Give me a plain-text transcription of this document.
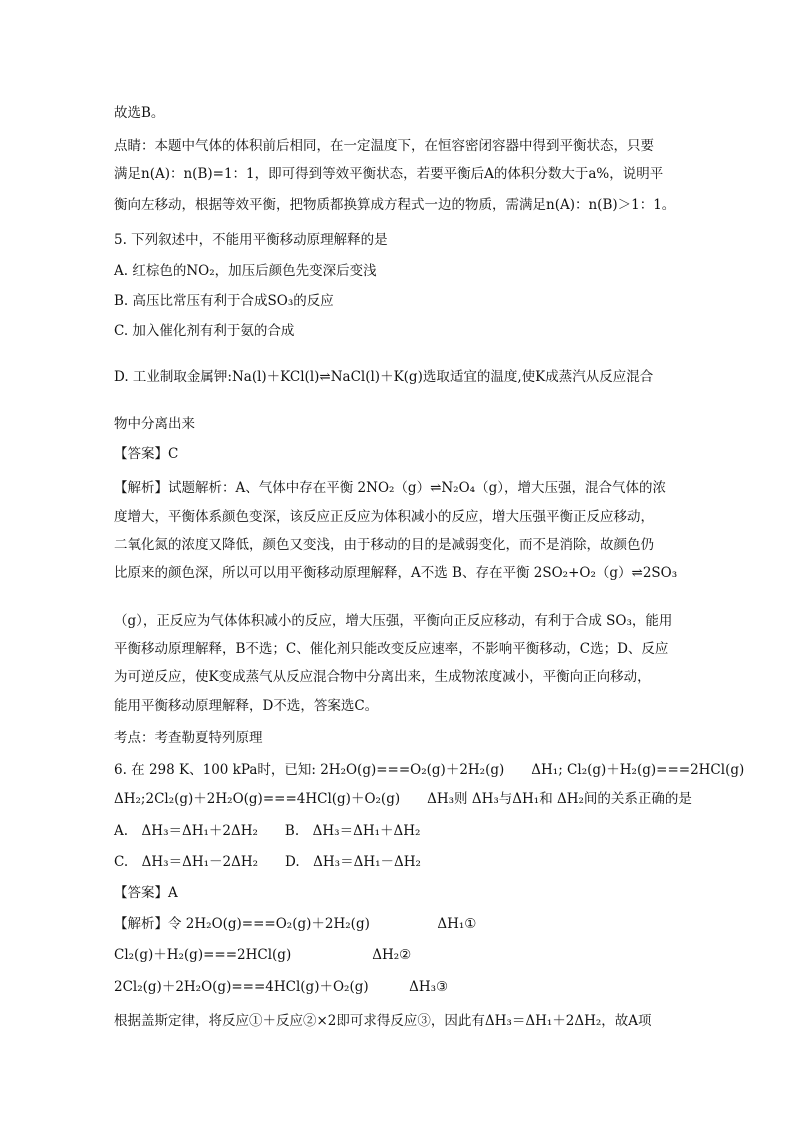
故选B。
点睛：本题中气体的体积前后相同，在一定温度下，在恒容密闭容器中得到平衡状态，只要
满足n(A)：n(B)=1：1，即可得到等效平衡状态，若要平衡后A的体积分数大于a%，说明平
衡向左移动，根据等效平衡，把物质都换算成方程式一边的物质，需满足n(A)：n(B)＞1：1。
5. 下列叙述中，不能用平衡移动原理解释的是
A. 红棕色的NO₂，加压后颜色先变深后变浅
B. 高压比常压有利于合成SO₃的反应
C. 加入催化剂有利于氨的合成
D. 工业制取金属钾:Na(l)＋KCl(l)⇌NaCl(l)＋K(g)选取适宜的温度,使K成蒸汽从反应混合
物中分离出来
【答案】C
【解析】试题解析：A、气体中存在平衡 2NO₂（g）⇌N₂O₄（g），增大压强，混合气体的浓
度增大，平衡体系颜色变深，该反应正反应为体积减小的反应，增大压强平衡正反应移动，
二氧化氮的浓度又降低，颜色又变浅，由于移动的目的是减弱变化，而不是消除，故颜色仍
比原来的颜色深，所以可以用平衡移动原理解释，A不选 B、存在平衡 2SO₂+O₂（g）⇌2SO₃
（g），正反应为气体体积减小的反应，增大压强，平衡向正反应移动，有利于合成 SO₃，能用
平衡移动原理解释，B不选；C、催化剂只能改变反应速率，不影响平衡移动，C选；D、反应
为可逆反应，使K变成蒸气从反应混合物中分离出来，生成物浓度减小，平衡向正向移动，
能用平衡移动原理解释，D不选，答案选C。
考点：考查勒夏特列原理
6. 在 298 K、100 kPa时，已知: 2H₂O(g)===O₂(g)＋2H₂(g)　　ΔH₁; Cl₂(g)＋H₂(g)===2HCl(g)
ΔH₂;2Cl₂(g)＋2H₂O(g)===4HCl(g)＋O₂(g)　　ΔH₃则 ΔH₃与ΔH₁和 ΔH₂间的关系正确的是
A.　ΔH₃＝ΔH₁＋2ΔH₂　　B.　ΔH₃＝ΔH₁＋ΔH₂
C.　ΔH₃＝ΔH₁－2ΔH₂　　D.　ΔH₃＝ΔH₁－ΔH₂
【答案】A
【解析】令 2H₂O(g)===O₂(g)＋2H₂(g)　　　　　ΔH₁①
Cl₂(g)＋H₂(g)===2HCl(g)　　　　　　ΔH₂②
2Cl₂(g)＋2H₂O(g)===4HCl(g)＋O₂(g)　　　ΔH₃③
根据盖斯定律，将反应①＋反应②×2即可求得反应③，因此有ΔH₃＝ΔH₁＋2ΔH₂，故A项
